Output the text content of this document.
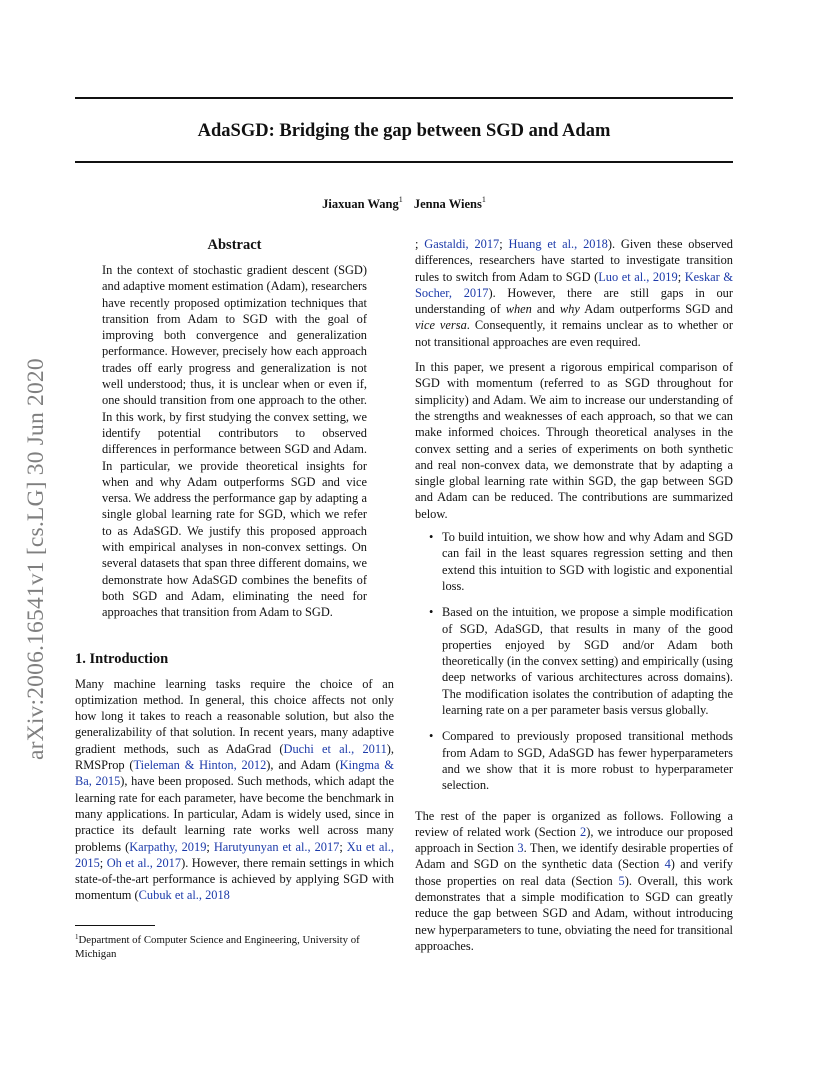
AdaSGD: Bridging the gap between SGD and Adam
Jiaxuan Wang$^1$ Jenna Wiens$^1$
arXiv:2006.16541v1 [cs.LG] 30 Jun 2020

Abstract

In the context of stochastic gradient descent (SGD) and adaptive moment estimation (Adam), researchers have recently proposed optimization techniques that transition from Adam to SGD with the goal of improving both convergence and generalization performance. However, precisely how each approach trades off early progress and generalization is not well understood; thus, it is unclear when or even if, one should transition from one approach to the other. In this work, by first studying the convex setting, we identify potential contributors to observed differences in performance between SGD and Adam. In particular, we provide theoretical insights for when and why Adam outperforms SGD and vice versa. We address the performance gap by adapting a single global learning rate for SGD, which we refer to as AdaSGD. We justify this proposed approach with empirical analyses in non-convex settings. On several datasets that span three different domains, we demonstrate how AdaSGD combines the benefits of both SGD and Adam, eliminating the need for approaches that transition from Adam to SGD.

1. Introduction

Many machine learning tasks require the choice of an optimization method. In general, this choice affects not only how long it takes to reach a reasonable solution, but also the generalizability of that solution. In recent years, many adaptive gradient methods, such as AdaGrad (Duchi et al., 2011), RMSProp (Tieleman & Hinton, 2012), and Adam (Kingma & Ba, 2015), have been proposed. Such methods, which adapt the learning rate for each parameter, have become the benchmark in many applications. In particular, Adam is widely used, since in practice its default learning rate works well across many problems (Karpathy, 2019; Harutyunyan et al., 2017; Xu et al., 2015; Oh et al., 2017). However, there remain settings in which state-of-the-art performance is achieved by applying SGD with momentum (Cubuk et al., 2018

; Gastaldi, 2017; Huang et al., 2018). Given these observed differences, researchers have started to investigate transition rules to switch from Adam to SGD (Luo et al., 2019; Keskar & Socher, 2017). However, there are still gaps in our understanding of when and why Adam outperforms SGD and vice versa. Consequently, it remains unclear as to whether or not transitional approaches are even required.

In this paper, we present a rigorous empirical comparison of SGD with momentum (referred to as SGD throughout for simplicity) and Adam. We aim to increase our understanding of the strengths and weaknesses of each approach, so that we can make informed choices. Through theoretical analyses in the convex setting and a series of experiments on both synthetic and real non-convex data, we demonstrate that by adapting a single global learning rate within SGD, the gap between SGD and Adam can be reduced. The contributions are summarized below.

• To build intuition, we show how and why Adam and SGD can fail in the least squares regression setting and then extend this intuition to SGD with logistic and exponential loss.
• Based on the intuition, we propose a simple modification of SGD, AdaSGD, that results in many of the good properties enjoyed by SGD and/or Adam both theoretically (in the convex setting) and empirically (using deep networks of various architectures across domains). The modification isolates the contribution of adapting the learning rate on a per parameter basis versus globally.
• Compared to previously proposed transitional methods from Adam to SGD, AdaSGD has fewer hyperparameters and we show that it is more robust to hyperparameter selection.

The rest of the paper is organized as follows. Following a review of related work (Section 2), we introduce our proposed approach in Section 3. Then, we identify desirable properties of Adam and SGD on the synthetic data (Section 4) and verify those properties on real data (Section 5). Overall, this work demonstrates that a simple modification to SGD can greatly reduce the gap between SGD and Adam, without introducing new hyperparameters to tune, obviating the need for transitional approaches.

$^1$Department of Computer Science and Engineering, University of Michigan
